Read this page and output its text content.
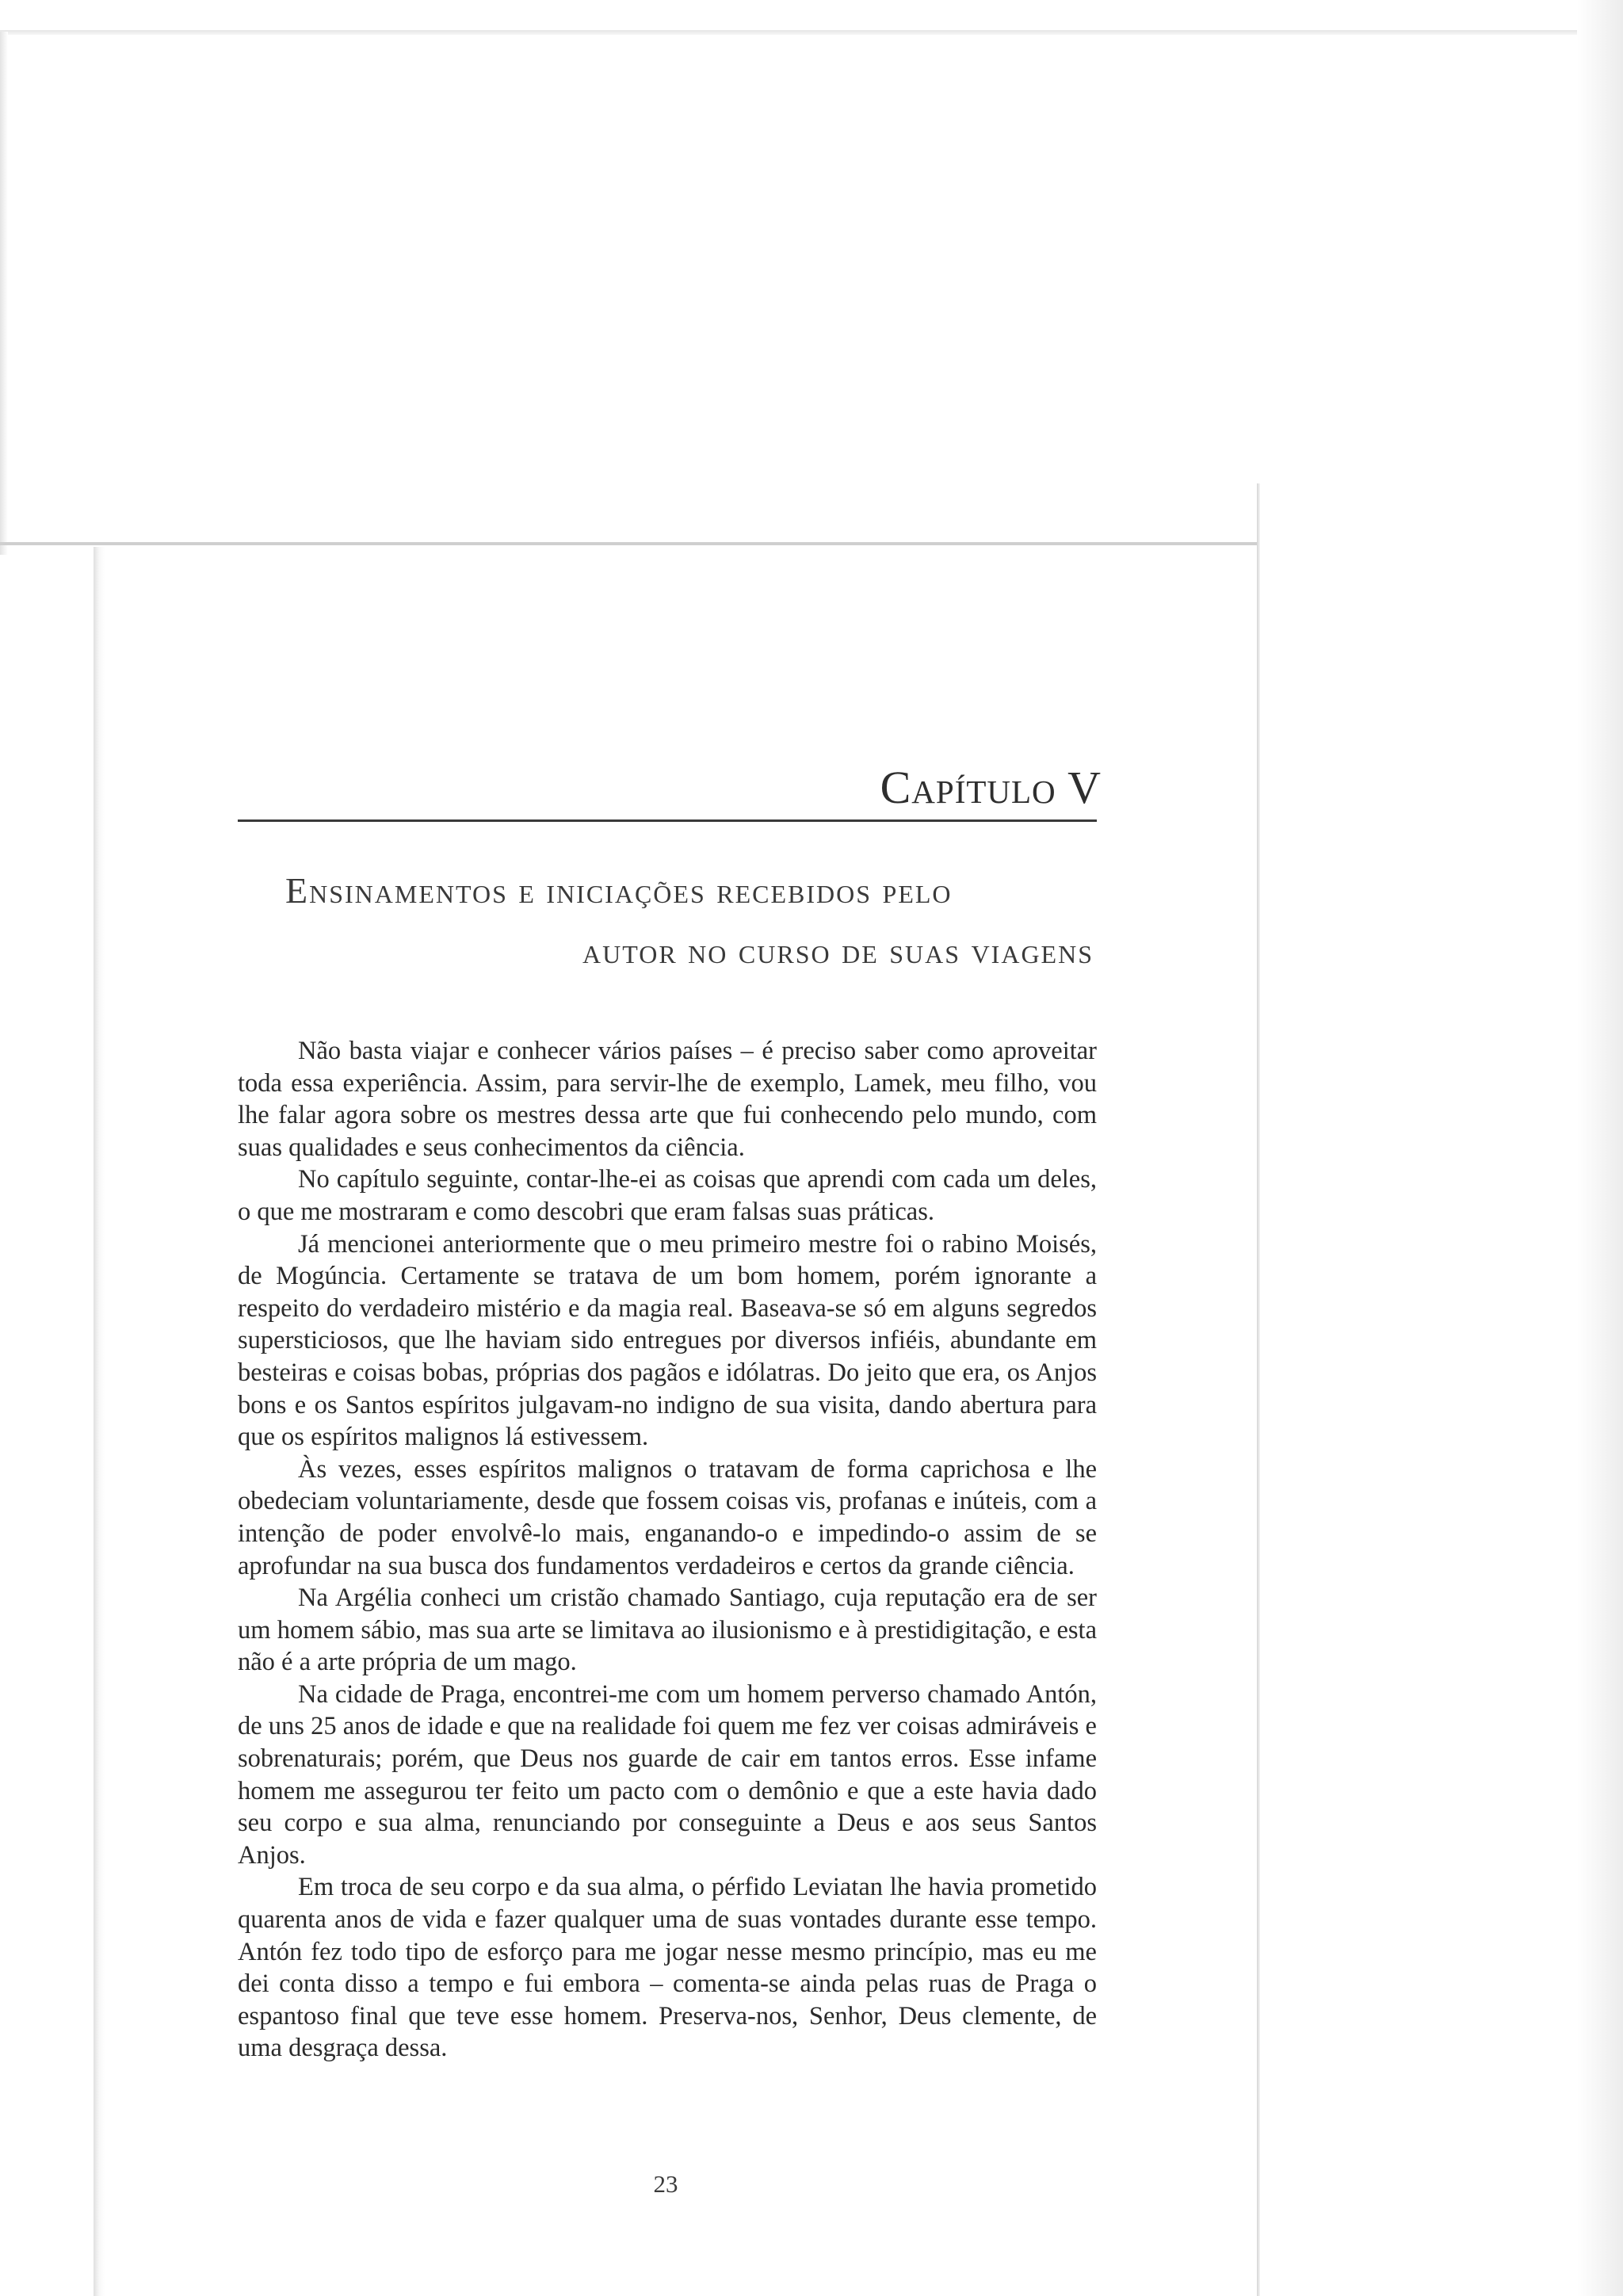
Capítulo V
Ensinamentos e iniciações recebidos pelo
autor no curso de suas viagens

Não basta viajar e conhecer vários países – é preciso saber como aproveitar toda essa experiência. Assim, para servir-lhe de exemplo, Lamek, meu filho, vou lhe falar agora sobre os mestres dessa arte que fui conhecendo pelo mundo, com suas qualidades e seus conhecimentos da ciência.

No capítulo seguinte, contar-lhe-ei as coisas que aprendi com cada um deles, o que me mostraram e como descobri que eram falsas suas práticas.

Já mencionei anteriormente que o meu primeiro mestre foi o rabino Moisés, de Mogúncia. Certamente se tratava de um bom homem, porém ignorante a respeito do verdadeiro mistério e da magia real. Baseava-se só em alguns segredos supersticiosos, que lhe haviam sido entregues por diversos infiéis, abundante em besteiras e coisas bobas, próprias dos pagãos e idólatras. Do jeito que era, os Anjos bons e os Santos espíritos julgavam-no indigno de sua visita, dando abertura para que os espíritos malignos lá estivessem.

Às vezes, esses espíritos malignos o tratavam de forma caprichosa e lhe obedeciam voluntariamente, desde que fossem coisas vis, profanas e inúteis, com a intenção de poder envolvê-lo mais, enganando-o e impedindo-o assim de se aprofundar na sua busca dos fundamentos verdadeiros e certos da grande ciência.

Na Argélia conheci um cristão chamado Santiago, cuja reputação era de ser um homem sábio, mas sua arte se limitava ao ilusionismo e à prestidigitação, e esta não é a arte própria de um mago.

Na cidade de Praga, encontrei-me com um homem perverso chamado Antón, de uns 25 anos de idade e que na realidade foi quem me fez ver coisas admiráveis e sobrenaturais; porém, que Deus nos guarde de cair em tantos erros. Esse infame homem me assegurou ter feito um pacto com o demônio e que a este havia dado seu corpo e sua alma, renunciando por conseguinte a Deus e aos seus Santos Anjos.

Em troca de seu corpo e da sua alma, o pérfido Leviatan lhe havia prometido quarenta anos de vida e fazer qualquer uma de suas vontades durante esse tempo. Antón fez todo tipo de esforço para me jogar nesse mesmo princípio, mas eu me dei conta disso a tempo e fui embora – comenta-se ainda pelas ruas de Praga o espantoso final que teve esse homem. Preserva-nos, Senhor, Deus clemente, de uma desgraça dessa.

23
